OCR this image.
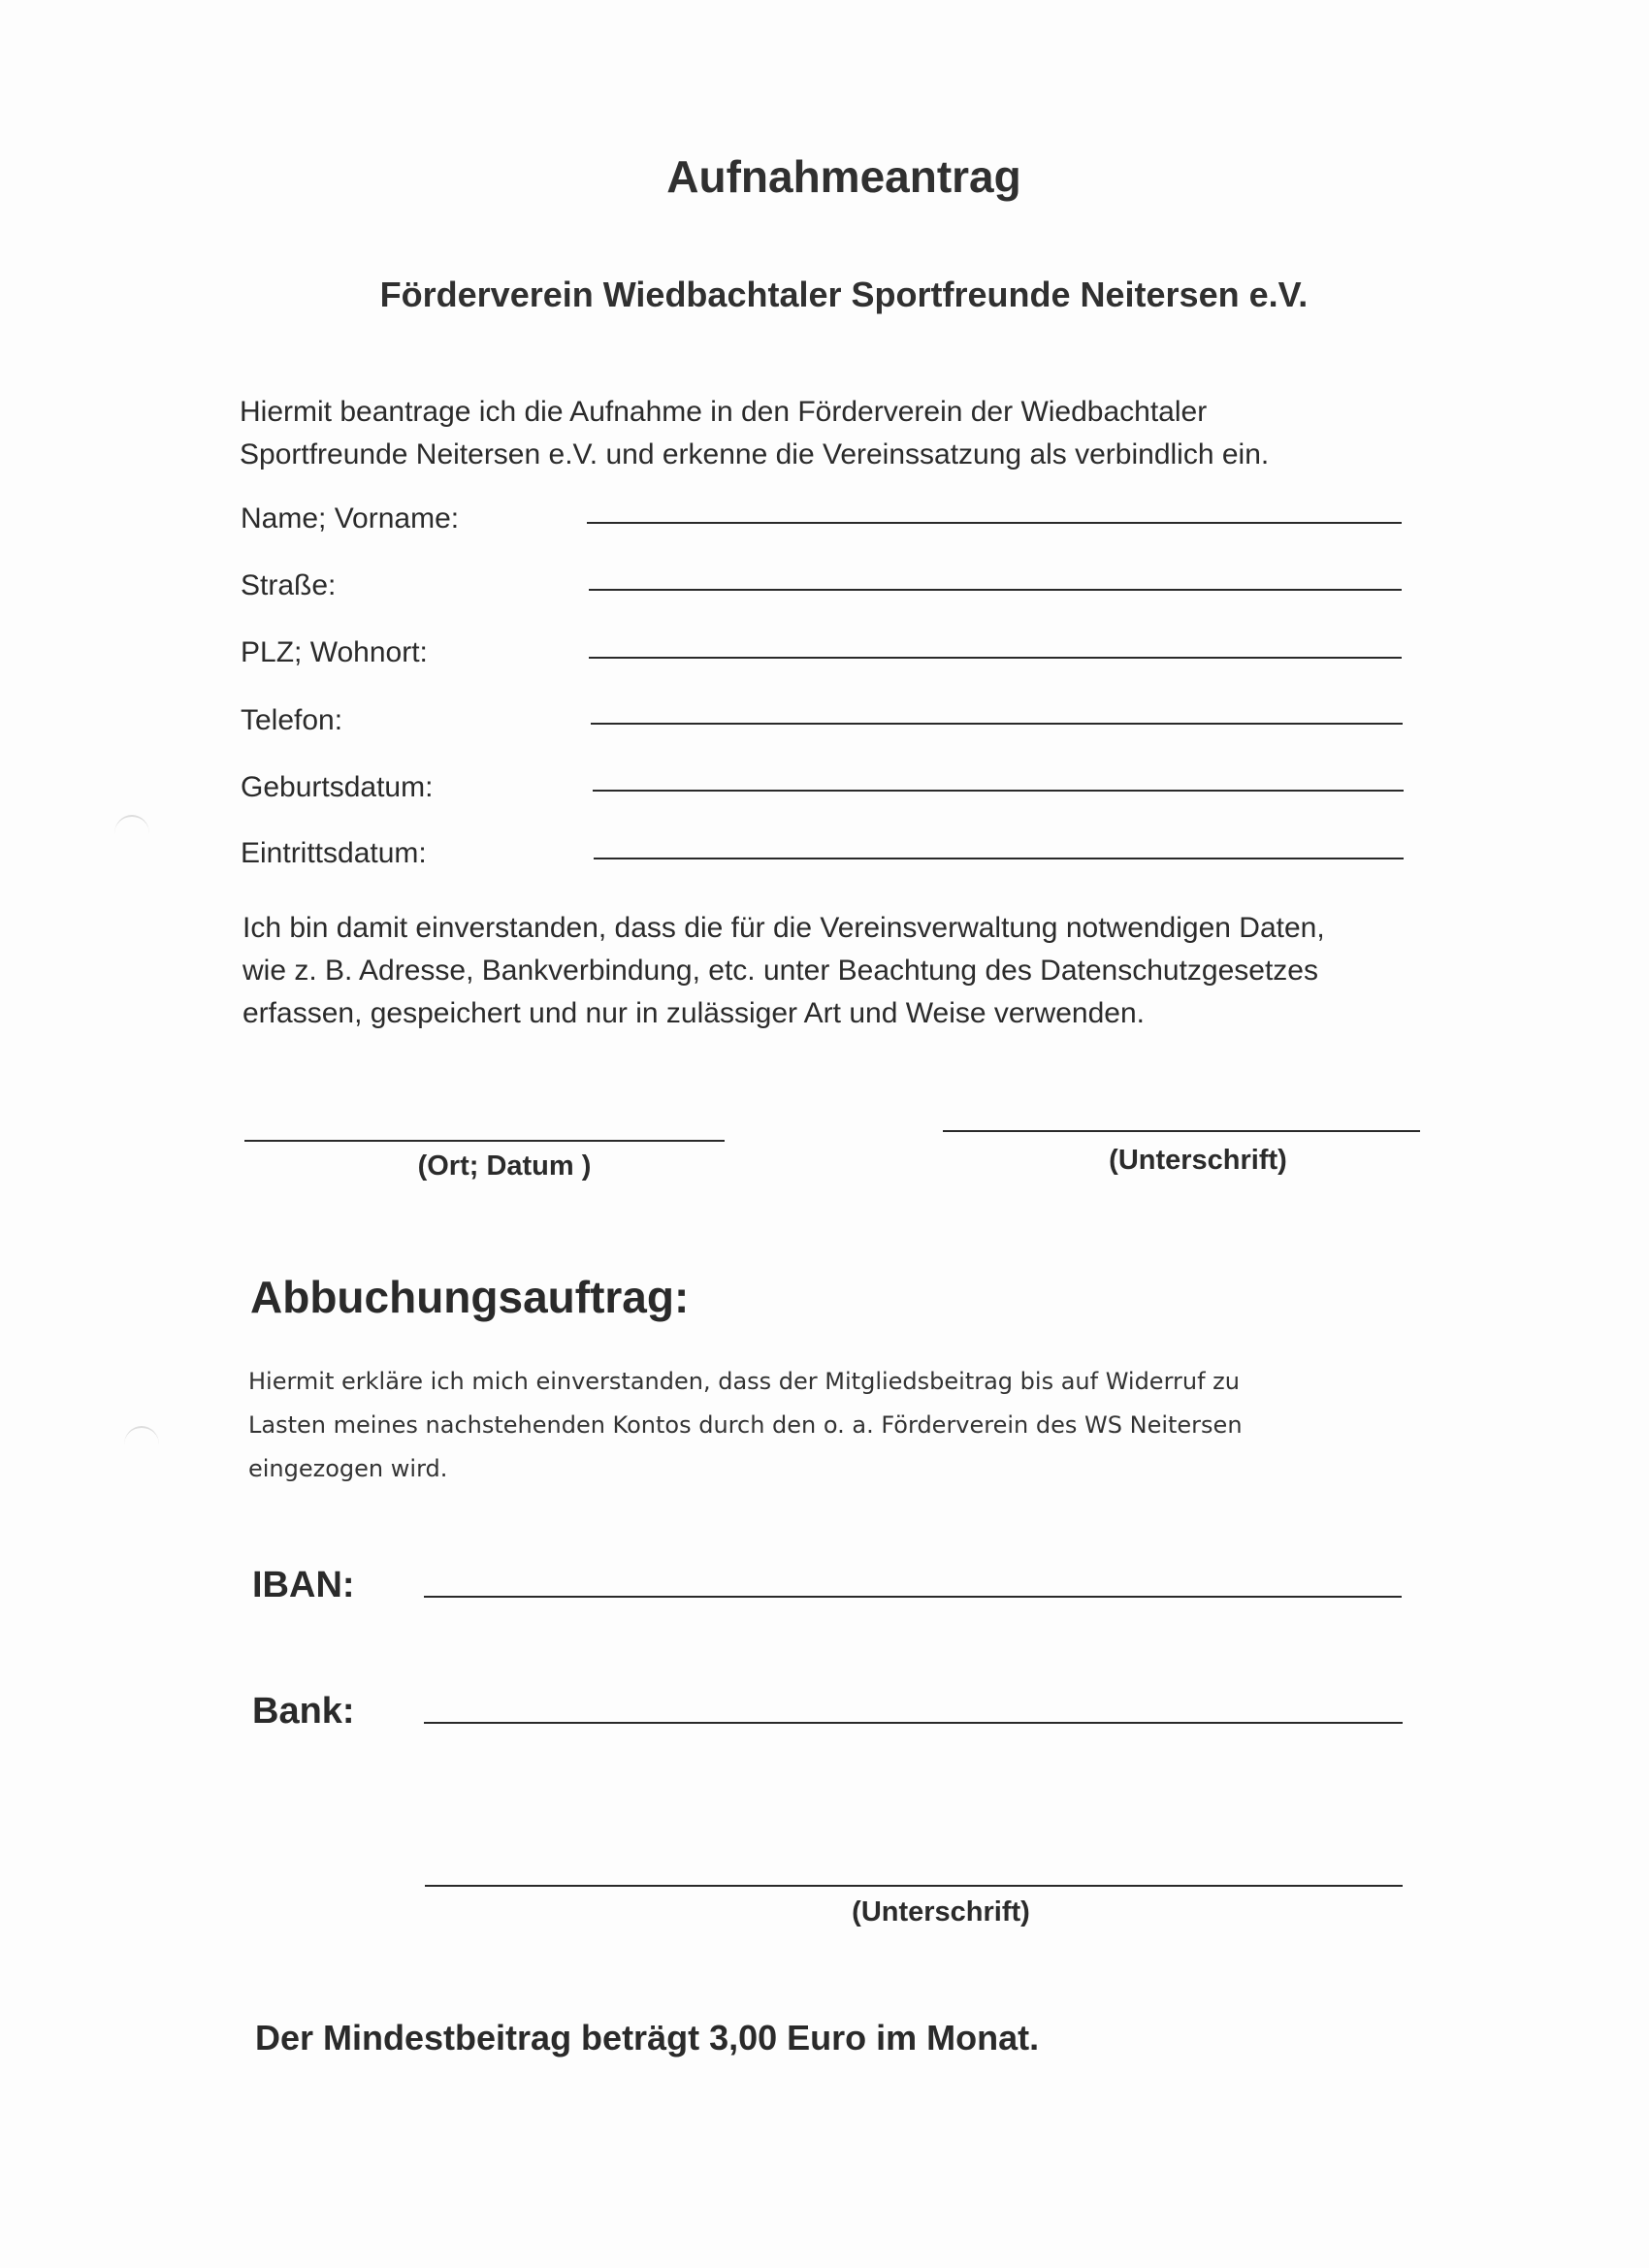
Aufnahmeantrag
Förderverein Wiedbachtaler Sportfreunde Neitersen e.V.
Hiermit beantrage ich die Aufnahme in den Förderverein der Wiedbachtaler
Sportfreunde Neitersen e.V. und erkenne die Vereinssatzung als verbindlich ein.
Name; Vorname:
Straße:
PLZ; Wohnort:
Telefon:
Geburtsdatum:
Eintrittsdatum:
Ich bin damit einverstanden, dass die für die Vereinsverwaltung notwendigen Daten,
wie z. B. Adresse, Bankverbindung, etc. unter Beachtung des Datenschutzgesetzes
erfassen, gespeichert und nur in zulässiger Art und Weise verwenden.
(Ort; Datum )	(Unterschrift)
Abbuchungsauftrag:
Hiermit erkläre ich mich einverstanden, dass der Mitgliedsbeitrag bis auf Widerruf zu
Lasten meines nachstehenden Kontos durch den o. a. Förderverein des WS Neitersen
eingezogen wird.
IBAN:
Bank:
(Unterschrift)
Der Mindestbeitrag beträgt 3,00 Euro im Monat.
